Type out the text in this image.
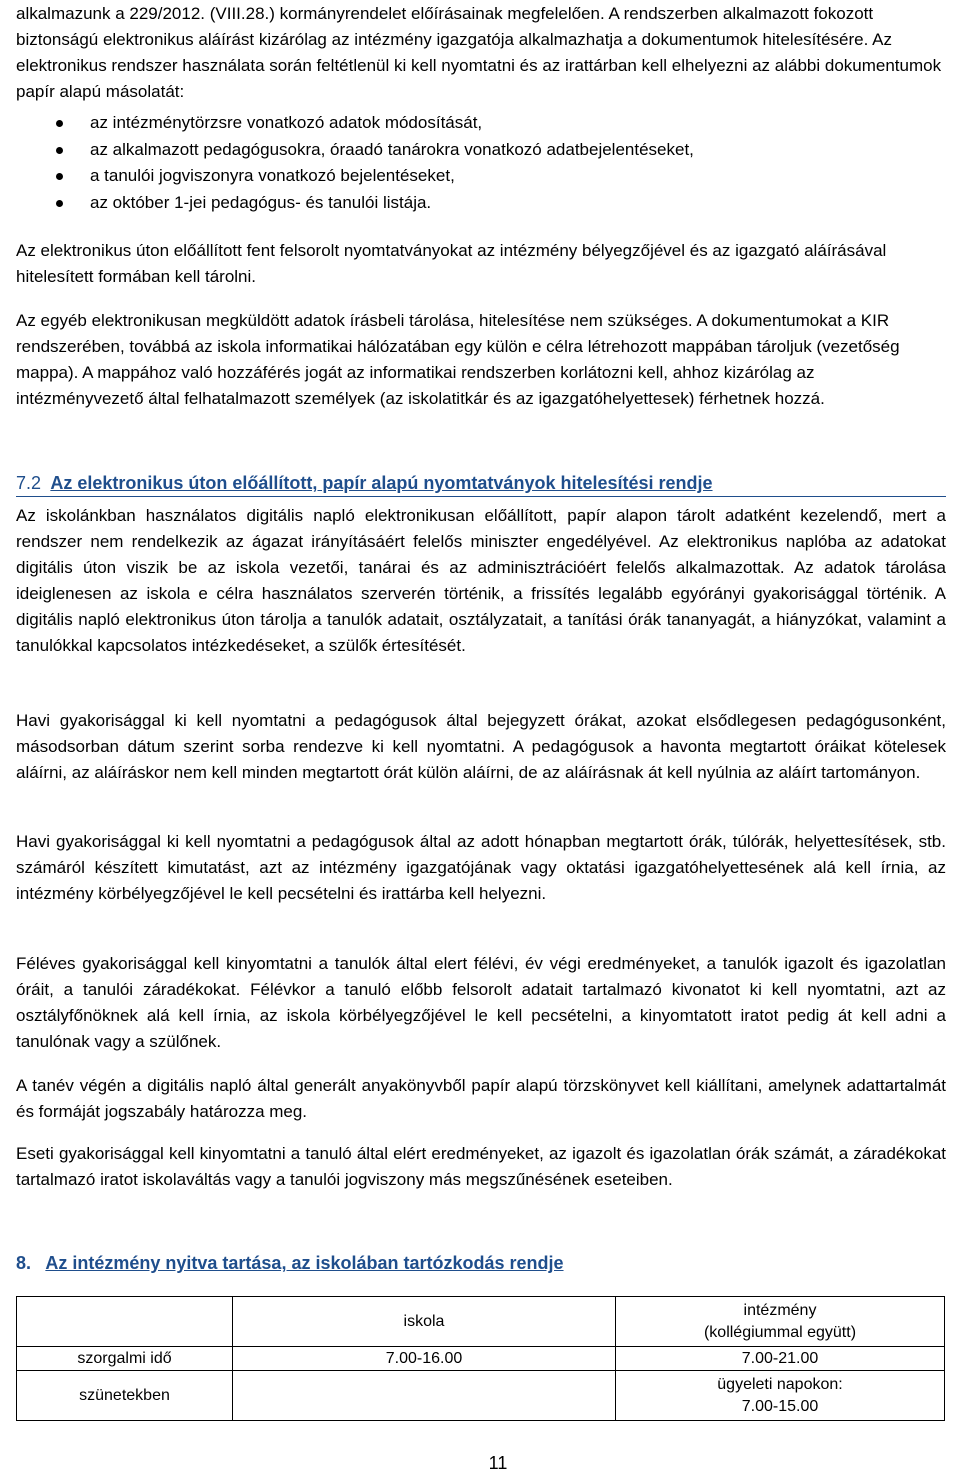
alkalmazunk a 229/2012. (VIII.28.) kormányrendelet előírásainak megfelelően. A rendszerben alkalmazott fokozott biztonságú elektronikus aláírást kizárólag az intézmény igazgatója alkalmazhatja a dokumentumok hitelesítésére. Az elektronikus rendszer használata során feltétlenül ki kell nyomtatni és az irattárban kell elhelyezni az alábbi dokumentumok papír alapú másolatát:

az intézménytörzsre vonatkozó adatok módosítását,
az alkalmazott pedagógusokra, óraadó tanárokra vonatkozó adatbejelentéseket,
a tanulói jogviszonyra vonatkozó bejelentéseket,
az október 1-jei pedagógus- és tanulói listája.

Az elektronikus úton előállított fent felsorolt nyomtatványokat az intézmény bélyegzőjével és az igazgató aláírásával hitelesített formában kell tárolni.

Az egyéb elektronikusan megküldött adatok írásbeli tárolása, hitelesítése nem szükséges. A dokumentumokat a KIR rendszerében, továbbá az iskola informatikai hálózatában egy külön e célra létrehozott mappában tároljuk (vezetőség mappa). A mappához való hozzáférés jogát az informatikai rendszerben korlátozni kell, ahhoz kizárólag az intézményvezető által felhatalmazott személyek (az iskolatitkár és az igazgatóhelyettesek) férhetnek hozzá.

7.2 Az elektronikus úton előállított, papír alapú nyomtatványok hitelesítési rendje

Az iskolánkban használatos digitális napló elektronikusan előállított, papír alapon tárolt adatként kezelendő, mert a rendszer nem rendelkezik az ágazat irányításáért felelős miniszter engedélyével. Az elektronikus naplóba az adatokat digitális úton viszik be az iskola vezetői, tanárai és az adminisztrációért felelős alkalmazottak. Az adatok tárolása ideiglenesen az iskola e célra használatos szerverén történik, a frissítés legalább egyórányi gyakorisággal történik. A digitális napló elektronikus úton tárolja a tanulók adatait, osztályzatait, a tanítási órák tananyagát, a hiányzókat, valamint a tanulókkal kapcsolatos intézkedéseket, a szülők értesítését.

Havi gyakorisággal ki kell nyomtatni a pedagógusok által bejegyzett órákat, azokat elsődlegesen pedagógusonként, másodsorban dátum szerint sorba rendezve ki kell nyomtatni. A pedagógusok a havonta megtartott óráikat kötelesek aláírni, az aláíráskor nem kell minden megtartott órát külön aláírni, de az aláírásnak át kell nyúlnia az aláírt tartományon.

Havi gyakorisággal ki kell nyomtatni a pedagógusok által az adott hónapban megtartott órák, túlórák, helyettesítések, stb. számáról készített kimutatást, azt az intézmény igazgatójának vagy oktatási igazgatóhelyettesének alá kell írnia, az intézmény körbélyegzőjével le kell pecsételni és irattárba kell helyezni.

Féléves gyakorisággal kell kinyomtatni a tanulók által elert félévi, év végi eredményeket, a tanulók igazolt és igazolatlan óráit, a tanulói záradékokat. Félévkor a tanuló előbb felsorolt adatait tartalmazó kivonatot ki kell nyomtatni, azt az osztályfőnöknek alá kell írnia, az iskola körbélyegzőjével le kell pecsételni, a kinyomtatott iratot pedig át kell adni a tanulónak vagy a szülőnek.

A tanév végén a digitális napló által generált anyakönyvből papír alapú törzskönyvet kell kiállítani, amelynek adattartalmát és formáját jogszabály határozza meg.

Eseti gyakorisággal kell kinyomtatni a tanuló által elért eredményeket, az igazolt és igazolatlan órák számát, a záradékokat tartalmazó iratot iskolaváltás vagy a tanulói jogviszony más megszűnésének eseteiben.

8. Az intézmény nyitva tartása, az iskolában tartózkodás rendje
	iskola	intézmény
(kollégiummal együtt)

szorgalmi idő	7.00-16.00	7.00-21.00
szünetekben		ügyeleti napokon:
7.00-15.00
11
